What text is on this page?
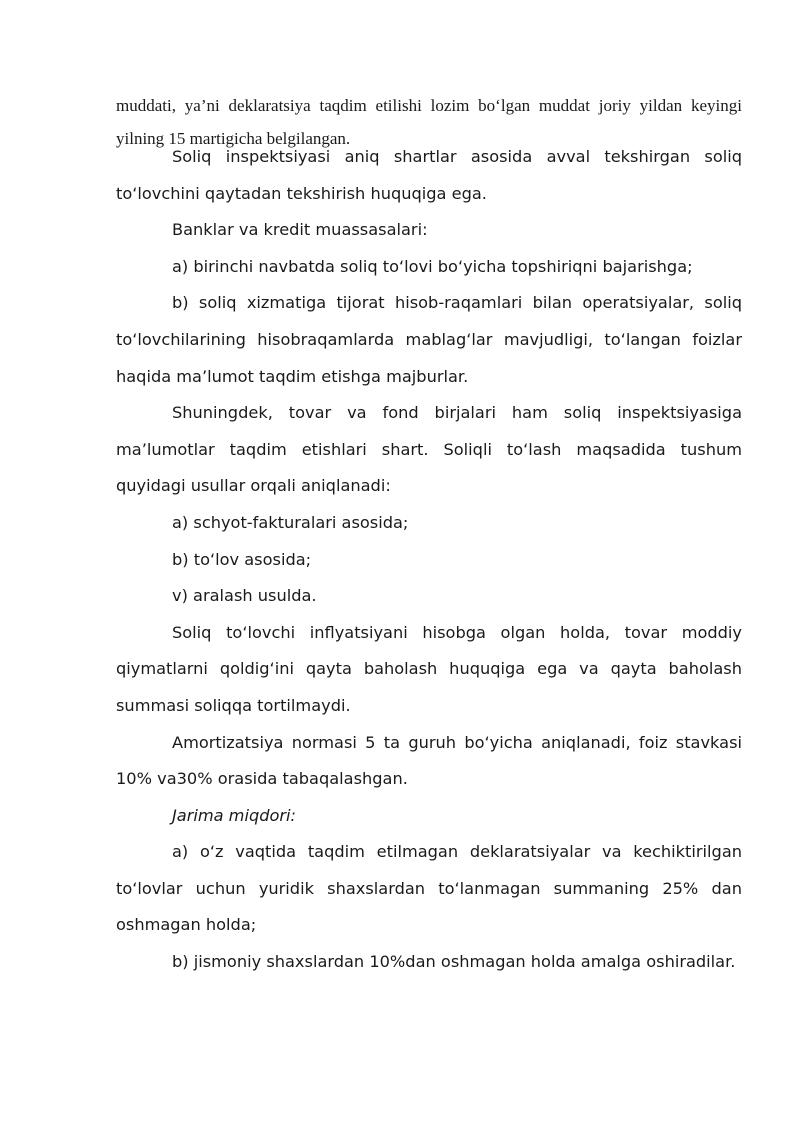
muddati, ya’ni deklaratsiya taqdim etilishi lozim bo‘lgan muddat joriy yildan keyingi yilning 15 martigicha belgilangan.

Soliq inspektsiyasi aniq shartlar asosida avval tekshirgan soliq to‘lovchini qaytadan tekshirish huquqiga ega.

Banklar va kredit muassasalari:

a) birinchi navbatda soliq to‘lovi bo‘yicha topshiriqni bajarishga;

b) soliq xizmatiga tijorat hisob-raqamlari bilan operatsiyalar, soliq to‘lovchilarining hisobraqamlarda mablag‘lar mavjudligi, to‘langan foizlar haqida ma’lumot taqdim etishga majburlar.

Shuningdek, tovar va fond birjalari ham soliq inspektsiyasiga ma’lumotlar taqdim etishlari shart. Soliqli to‘lash maqsadida tushum quyidagi usullar orqali aniqlanadi:

a) schyot-fakturalari asosida;

b) to‘lov asosida;

v) aralash usulda.

Soliq to‘lovchi inflyatsiyani hisobga olgan holda, tovar moddiy qiymatlarni qoldig‘ini qayta baholash huquqiga ega va qayta baholash summasi soliqqa tortilmaydi.

Amortizatsiya normasi 5 ta guruh bo‘yicha aniqlanadi, foiz stavkasi 10% va30% orasida tabaqalashgan.

Jarima miqdori:

a) o‘z vaqtida taqdim etilmagan deklaratsiyalar va kechiktirilgan to‘lovlar uchun yuridik shaxslardan to‘lanmagan summaning 25% dan oshmagan holda;

b) jismoniy shaxslardan 10%dan oshmagan holda amalga oshiradilar.
